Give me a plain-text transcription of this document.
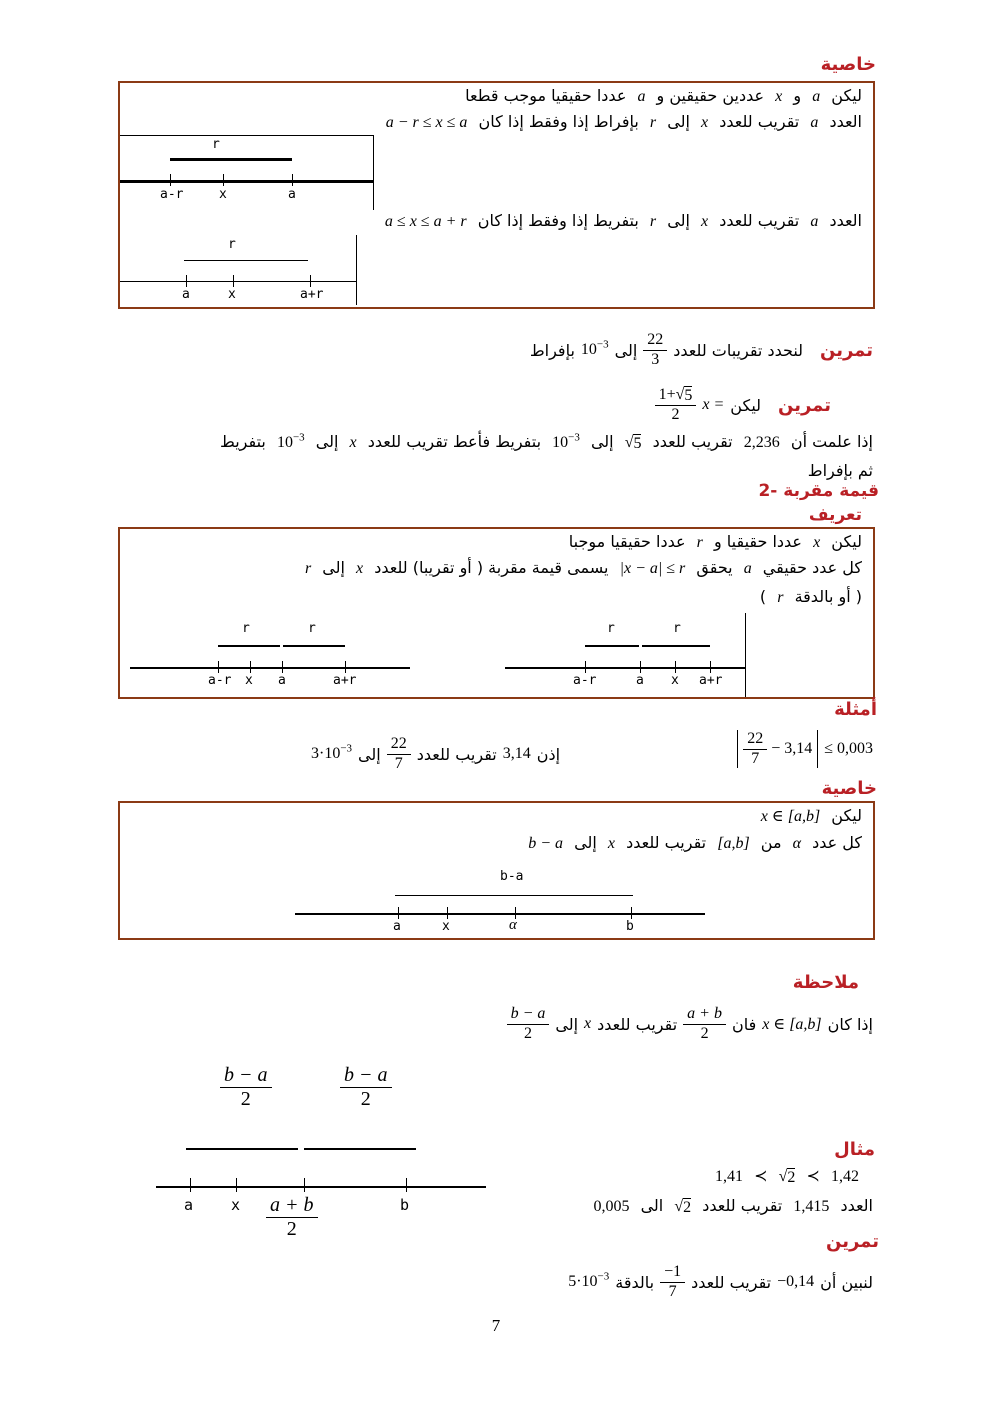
خاصية
ليكن a و x عددين حقيقين و a عددا حقيقيا موجب قطعا
العدد a تقريب للعدد x إلى r بإفراط إذا وفقط إذا كان a − r ≤ x ≤ a
r
a-r	x	a
العدد a تقريب للعدد x إلى r بتفريط إذا وفقط إذا كان a ≤ x ≤ a + r
r
a	x	a+r
تمرين
لنحدد تقريبات للعدد
$\frac{22}{3}$
إلى
$10^{-3}$
بإفراط
تمرين
ليكن
x =
$\frac{1+ √ 5}{2}$
إذا علمت أن 2,236 تقريب للعدد
√ 5
إلى $10^{-3}$ بتفريط فأعط تقريب للعدد x إلى $10^{-3}$ بتفريط
ثم بإفراط
2- قيمة مقربة
تعريف
ليكن x عددا حقيقيا و r عددا حقيقيا موجبا
كل عدد حقيقي a يحقق |x − a| ≤ r يسمى قيمة مقربة ( أو تقريبا) للعدد x إلى r
( أو بالدقة r )
r	r
a-r x a	a+r
r	r
a-r	a x a+r
أمثلة
$\frac{22}{7} - 3,14 \le 0,003$
إذن
3,14
تقريب للعدد
$\frac{22}{7}$
إلى
$3\cdot 10^{-3}$
خاصية
ليكن x ∈ [a,b]
كل عدد α من [a,b] تقريب للعدد x إلى b − a
b-a
a	x	α	b
ملاحظة
إذا كان
x ∈ [a,b]
فان
$\frac{a + b}{2}$
تقريب للعدد
x
إلى
$\frac{b - a}{2}$
$\frac{b - a}{2}$	$\frac{b - a}{2}$
a	x $\frac{a + b}{2}$	b
مثال
1,41 ≺ √ 2 ≺ 1,42
العدد 1,415 تقريب للعدد
√ 2
الى 0,005
تمرين
لنبين أن
−0,14
تقريب للعدد
$\frac{-1}{7}$
بالدقة
$5\cdot 10^{-3}$
7
